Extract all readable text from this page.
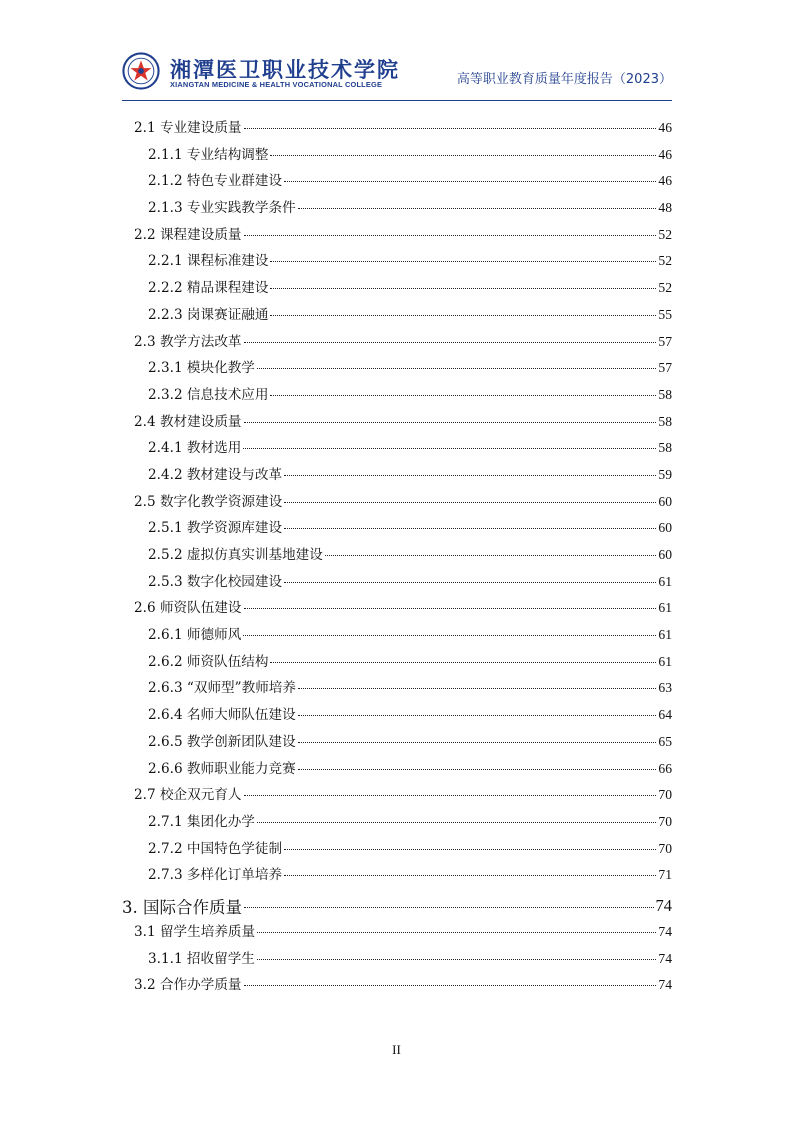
湘潭医卫职业技术学院
XIANGTAN MEDICINE & HEALTH VOCATIONAL COLLEGE	高等职业教育质量年度报告（2023）
2.1 专业建设质量	46
2.1.1 专业结构调整	46
2.1.2 特色专业群建设	46
2.1.3 专业实践教学条件	48
2.2 课程建设质量	52
2.2.1 课程标准建设	52
2.2.2 精品课程建设	52
2.2.3 岗课赛证融通	55
2.3 教学方法改革	57
2.3.1 模块化教学	57
2.3.2 信息技术应用	58
2.4 教材建设质量	58
2.4.1 教材选用	58
2.4.2 教材建设与改革	59
2.5 数字化教学资源建设	60
2.5.1 教学资源库建设	60
2.5.2 虚拟仿真实训基地建设	60
2.5.3 数字化校园建设	61
2.6 师资队伍建设	61
2.6.1 师德师风	61
2.6.2 师资队伍结构	61
2.6.3 “双师型”教师培养	63
2.6.4 名师大师队伍建设	64
2.6.5 教学创新团队建设	65
2.6.6 教师职业能力竞赛	66
2.7 校企双元育人	70
2.7.1 集团化办学	70
2.7.2 中国特色学徒制	70
2.7.3 多样化订单培养	71
3. 国际合作质量	74
3.1 留学生培养质量	74
3.1.1 招收留学生	74
3.2 合作办学质量	74
II
